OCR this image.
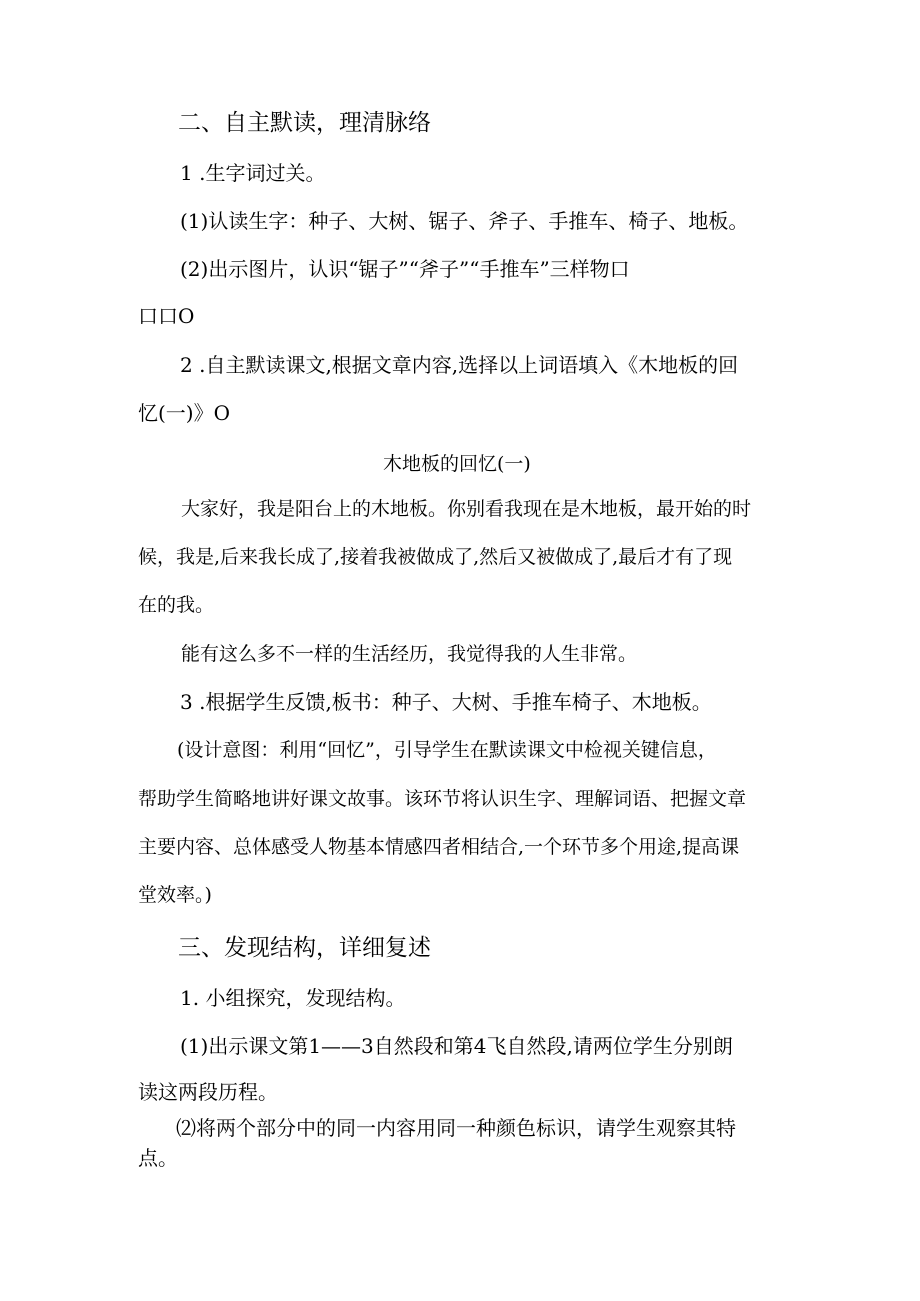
二、自主默读，理清脉络
1 .生字词过关。
(1)认读生字：种子、大树、锯子、斧子、手推车、椅子、地板。
(2)出示图片，认识“锯子”“斧子”“手推车”三样物口
口口O
2 .自主默读课文,根据文章内容,选择以上词语填入《木地板的回
忆(一)》O
木地板的回忆(一)
大家好，我是阳台上的木地板。你别看我现在是木地板，最开始的时
候，我是,后来我长成了,接着我被做成了,然后又被做成了,最后才有了现
在的我。
能有这么多不一样的生活经历，我觉得我的人生非常。
3 .根据学生反馈,板书：种子、大树、手推车椅子、木地板。
(设计意图：利用“回忆”，引导学生在默读课文中检视关键信息，
帮助学生简略地讲好课文故事。该环节将认识生字、理解词语、把握文章
主要内容、总体感受人物基本情感四者相结合,一个环节多个用途,提高课
堂效率。)
三、发现结构，详细复述
1. 小组探究，发现结构。
(1)出示课文第1——3自然段和第4飞自然段,请两位学生分别朗
读这两段历程。
⑵将两个部分中的同一内容用同一种颜色标识，请学生观察其特
点。
